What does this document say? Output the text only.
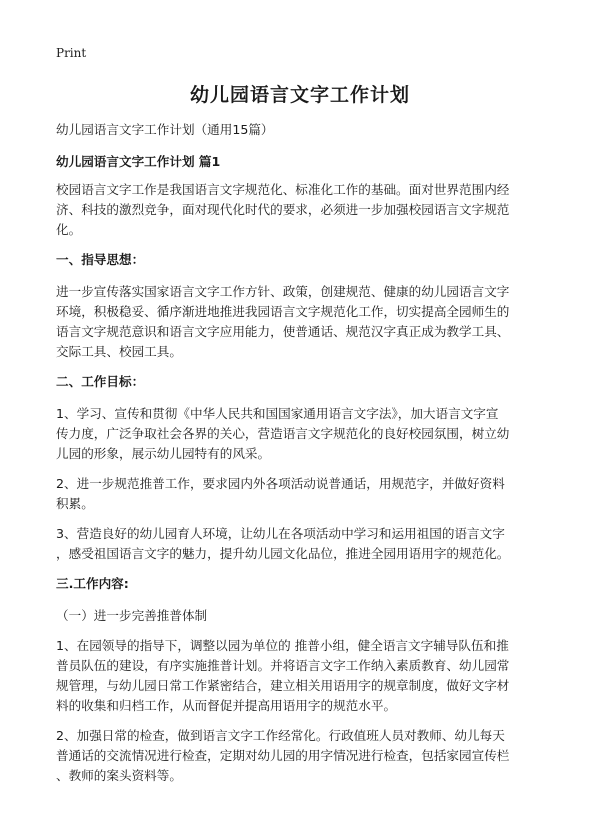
Print
幼儿园语言文字工作计划
幼儿园语言文字工作计划（通用15篇）
幼儿园语言文字工作计划 篇1
校园语言文字工作是我国语言文字规范化、标准化工作的基础。面对世界范围内经
济、科技的激烈竞争，面对现代化时代的要求，必须进一步加强校园语言文字规范
化。
一、指导思想：
进一步宣传落实国家语言文字工作方针、政策，创建规范、健康的幼儿园语言文字
环境，积极稳妥、循序渐进地推进我园语言文字规范化工作，切实提高全园师生的
语言文字规范意识和语言文字应用能力，使普通话、规范汉字真正成为教学工具、
交际工具、校园工具。
二、工作目标：
1、学习、宣传和贯彻《中华人民共和国国家通用语言文字法》，加大语言文字宣
传力度，广泛争取社会各界的关心，营造语言文字规范化的良好校园氛围，树立幼
儿园的形象，展示幼儿园特有的风采。
2、进一步规范推普工作，要求园内外各项活动说普通话，用规范字，并做好资料
积累。
3、营造良好的幼儿园育人环境，让幼儿在各项活动中学习和运用祖国的语言文字
，感受祖国语言文字的魅力，提升幼儿园文化品位，推进全园用语用字的规范化。
三.工作内容:
（一）进一步完善推普体制
1、在园领导的指导下，调整以园为单位的 推普小组，健全语言文字辅导队伍和推
普员队伍的建设，有序实施推普计划。并将语言文字工作纳入素质教育、幼儿园常
规管理，与幼儿园日常工作紧密结合，建立相关用语用字的规章制度，做好文字材
料的收集和归档工作，从而督促并提高用语用字的规范水平。
2、加强日常的检查，做到语言文字工作经常化。行政值班人员对教师、幼儿每天
普通话的交流情况进行检查，定期对幼儿园的用字情况进行检查，包括家园宣传栏
、教师的案头资料等。
